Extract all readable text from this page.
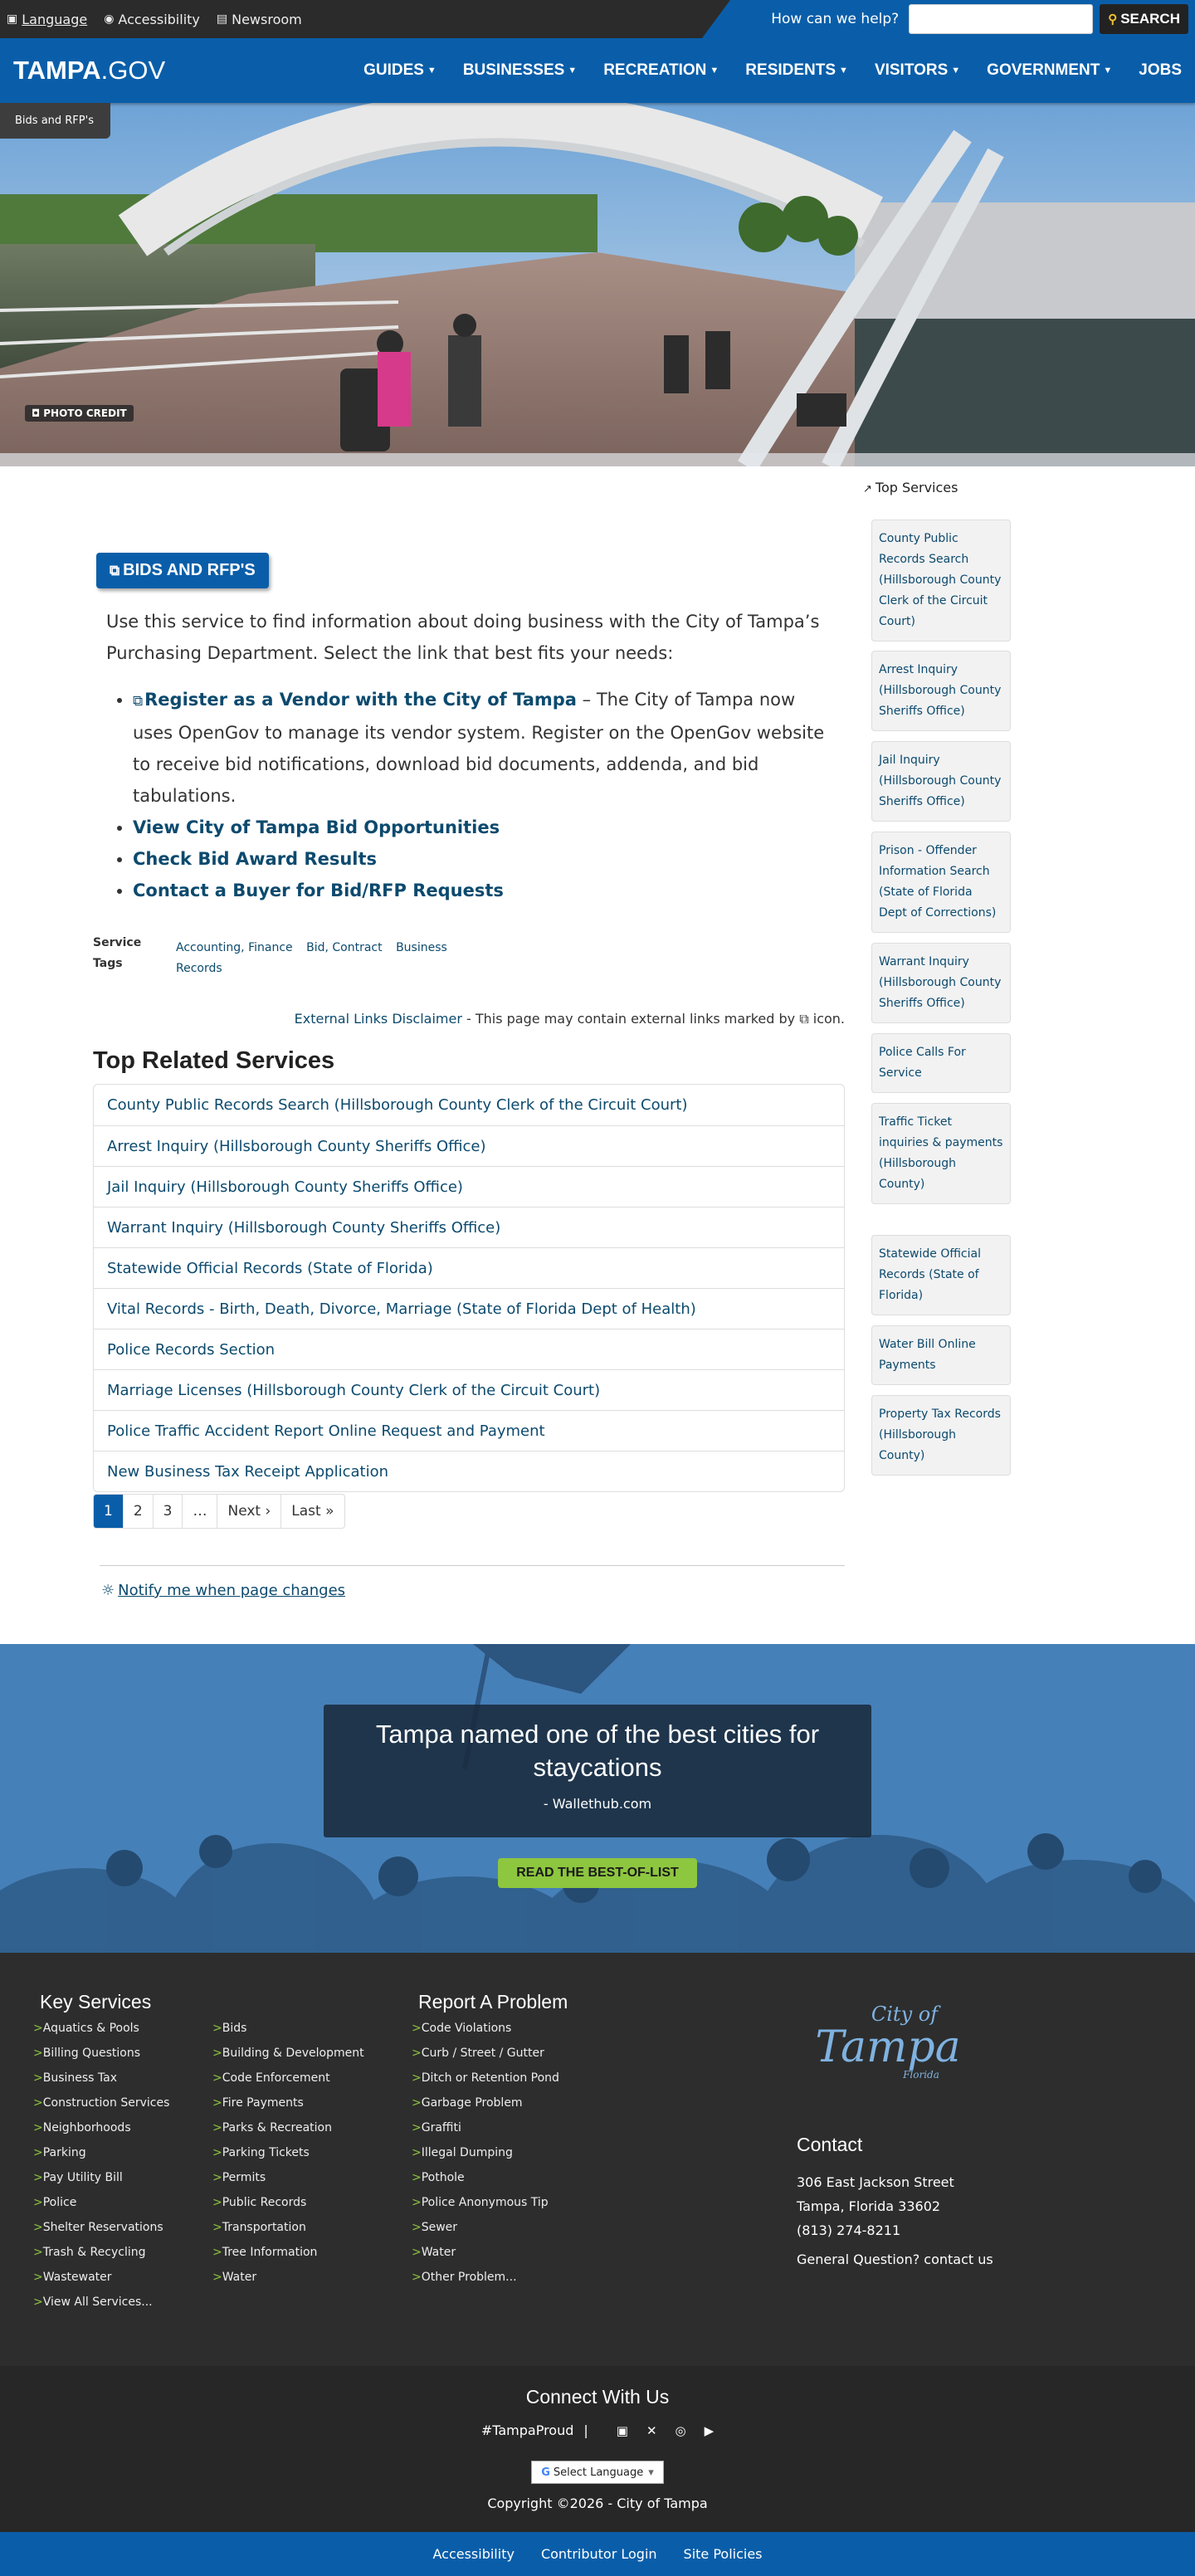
▣ Language ◉ Accessibility ▤ Newsroom	How can we help?	⚲ SEARCH
TAMPA.GOV	GUIDES ▼ BUSINESSES ▼ RECREATION ▼ RESIDENTS ▼ VISITORS ▼ GOVERNMENT ▼ JOBS
Bids and RFP's
◘ PHOTO CREDIT
⧉ BIDS AND RFP'S

Use this service to find information about doing business with the City of Tampa’s Purchasing Department. Select the link that best fits your needs:

• ⧉Register as a Vendor with the City of Tampa – The City of Tampa now uses OpenGov to manage its vendor system. Register on the OpenGov website to receive bid notifications, download bid documents, addenda, and bid tabulations.
• View City of Tampa Bid Opportunities
• Check Bid Award Results
• Contact a Buyer for Bid/RFP Requests
Service
Tags
Accounting, Finance Bid, Contract Business Records
External Links Disclaimer - This page may contain external links marked by ⧉ icon.
Top Related Services
County Public Records Search (Hillsborough County Clerk of the Circuit Court)
Arrest Inquiry (Hillsborough County Sheriffs Office)
Jail Inquiry (Hillsborough County Sheriffs Office)
Warrant Inquiry (Hillsborough County Sheriffs Office)
Statewide Official Records (State of Florida)
Vital Records - Birth, Death, Divorce, Marriage (State of Florida Dept of Health)
Police Records Section
Marriage Licenses (Hillsborough County Clerk of the Circuit Court)
Police Traffic Accident Report Online Request and Payment
New Business Tax Receipt Application
1	2	3	…	Next ›	Last »
☼ Notify me when page changes
↗ Top Services
County Public Records Search (Hillsborough County Clerk of the Circuit Court)
Arrest Inquiry (Hillsborough County Sheriffs Office)
Jail Inquiry (Hillsborough County Sheriffs Office)
Prison - Offender Information Search (State of Florida Dept of Corrections)
Warrant Inquiry (Hillsborough County Sheriffs Office)
Police Calls For Service
Traffic Ticket inquiries & payments (Hillsborough County)
Statewide Official Records (State of Florida)
Water Bill Online Payments
Property Tax Records (Hillsborough County)
Tampa named one of the best cities for staycations
- Wallethub.com
READ THE BEST-OF-LIST
Key Services
> Aquatics & Pools
> Billing Questions
> Business Tax
> Construction Services
> Neighborhoods
> Parking
> Pay Utility Bill
> Police
> Shelter Reservations
> Trash & Recycling
> Wastewater
> View All Services...
> Bids
> Building & Development
> Code Enforcement
> Fire Payments
> Parks & Recreation
> Parking Tickets
> Permits
> Public Records
> Transportation
> Tree Information
> Water
Report A Problem
> Code Violations
> Curb / Street / Gutter
> Ditch or Retention Pond
> Garbage Problem
> Graffiti
> Illegal Dumping
> Pothole
> Police Anonymous Tip
> Sewer
> Water
> Other Problem...
City of
Tampa
Florida
Contact
306 East Jackson Street
Tampa, Florida 33602
(813) 274-8211
General Question? contact us
Connect With Us
#TampaProud | ▣ ✕ ◎ ▶
G Select Language ▾
Copyright ©2026 - City of Tampa
Accessibility Contributor Login Site Policies
